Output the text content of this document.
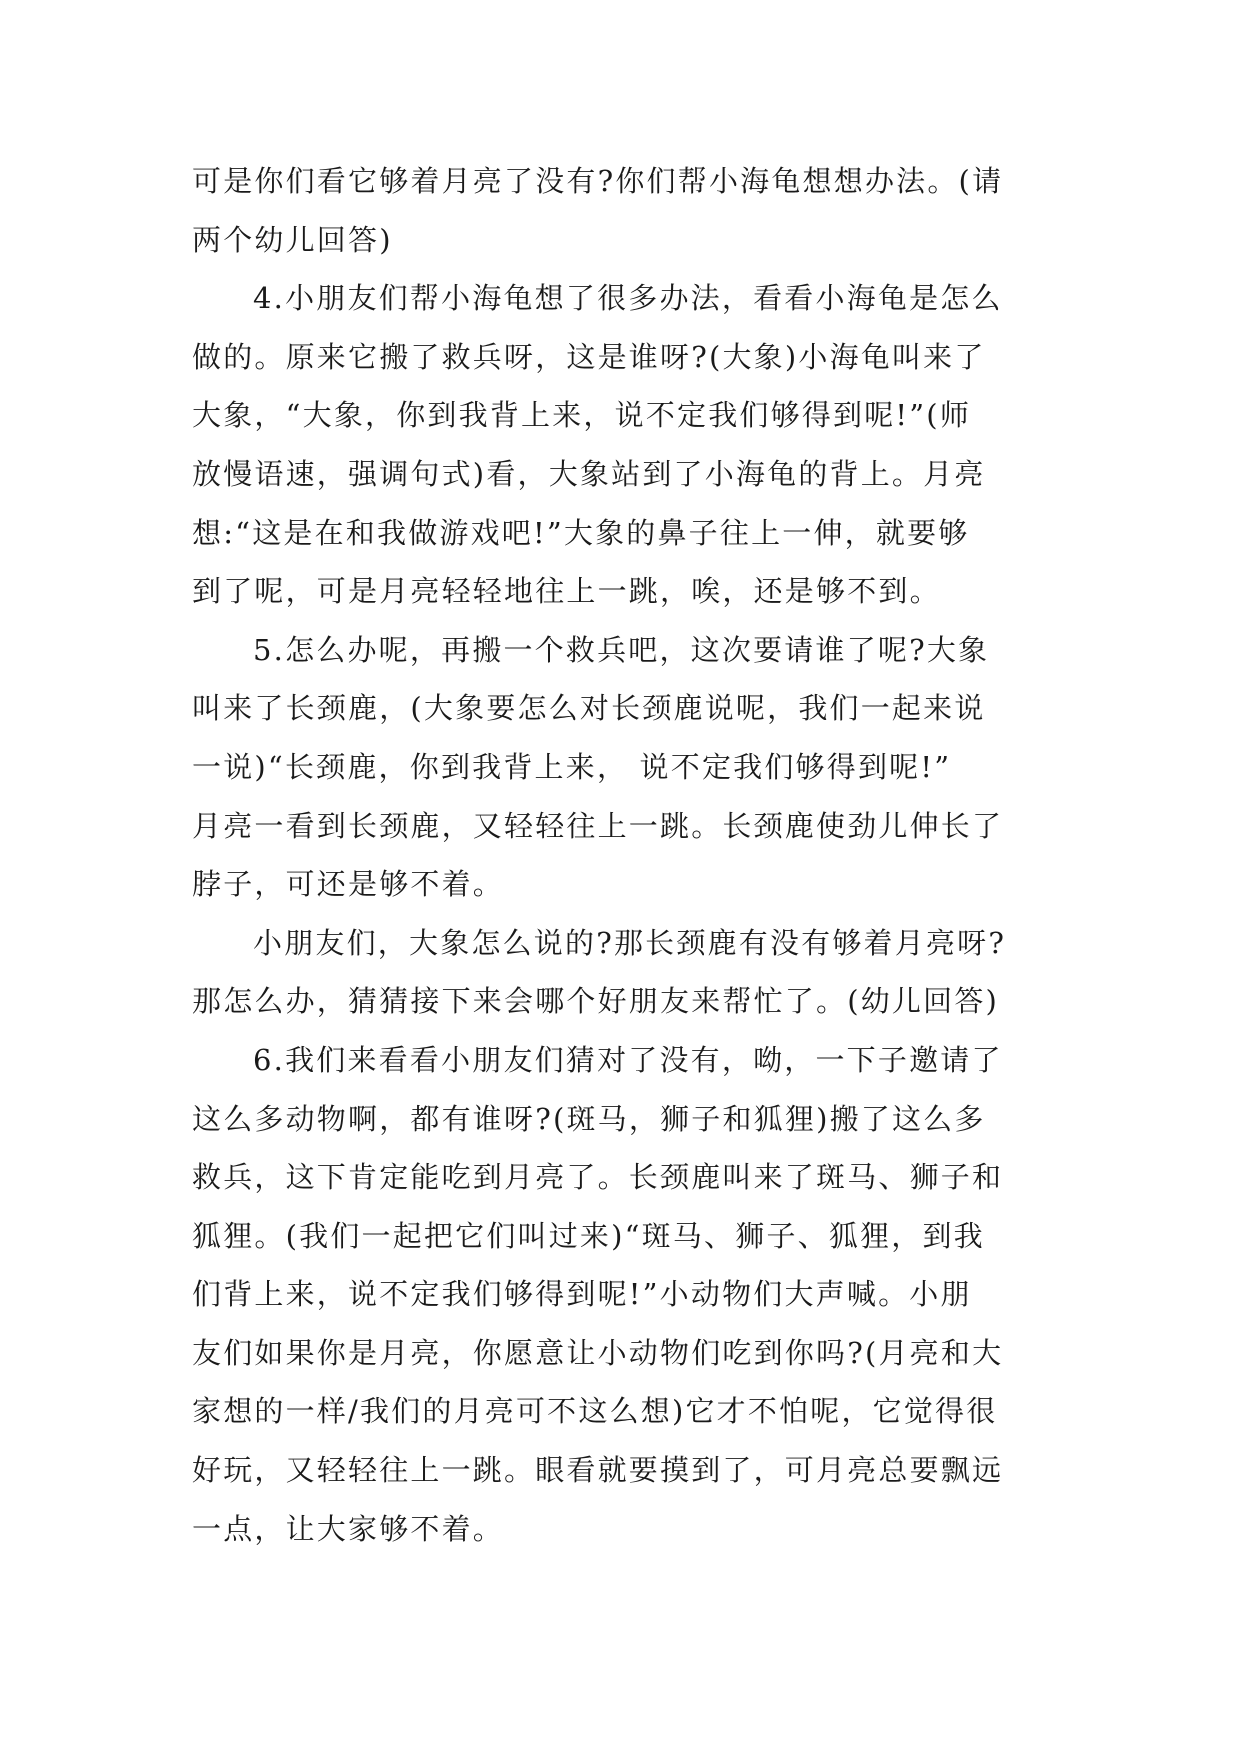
可是你们看它够着月亮了没有?你们帮小海龟想想办法。(请
两个幼儿回答)
4.小朋友们帮小海龟想了很多办法，看看小海龟是怎么
做的。原来它搬了救兵呀，这是谁呀?(大象)小海龟叫来了
大象，“大象，你到我背上来，说不定我们够得到呢!”(师
放慢语速，强调句式)看，大象站到了小海龟的背上。月亮
想:“这是在和我做游戏吧!”大象的鼻子往上一伸，就要够
到了呢，可是月亮轻轻地往上一跳，唉，还是够不到。
5.怎么办呢，再搬一个救兵吧，这次要请谁了呢?大象
叫来了长颈鹿，(大象要怎么对长颈鹿说呢，我们一起来说
一说)“长颈鹿，你到我背上来， 说不定我们够得到呢!”
月亮一看到长颈鹿，又轻轻往上一跳。长颈鹿使劲儿伸长了
脖子，可还是够不着。
小朋友们，大象怎么说的?那长颈鹿有没有够着月亮呀?
那怎么办，猜猜接下来会哪个好朋友来帮忙了。(幼儿回答)
6.我们来看看小朋友们猜对了没有，呦，一下子邀请了
这么多动物啊，都有谁呀?(斑马，狮子和狐狸)搬了这么多
救兵，这下肯定能吃到月亮了。长颈鹿叫来了斑马、狮子和
狐狸。(我们一起把它们叫过来)“斑马、狮子、狐狸，到我
们背上来，说不定我们够得到呢!”小动物们大声喊。小朋
友们如果你是月亮，你愿意让小动物们吃到你吗?(月亮和大
家想的一样/我们的月亮可不这么想)它才不怕呢，它觉得很
好玩，又轻轻往上一跳。眼看就要摸到了，可月亮总要飘远
一点，让大家够不着。
